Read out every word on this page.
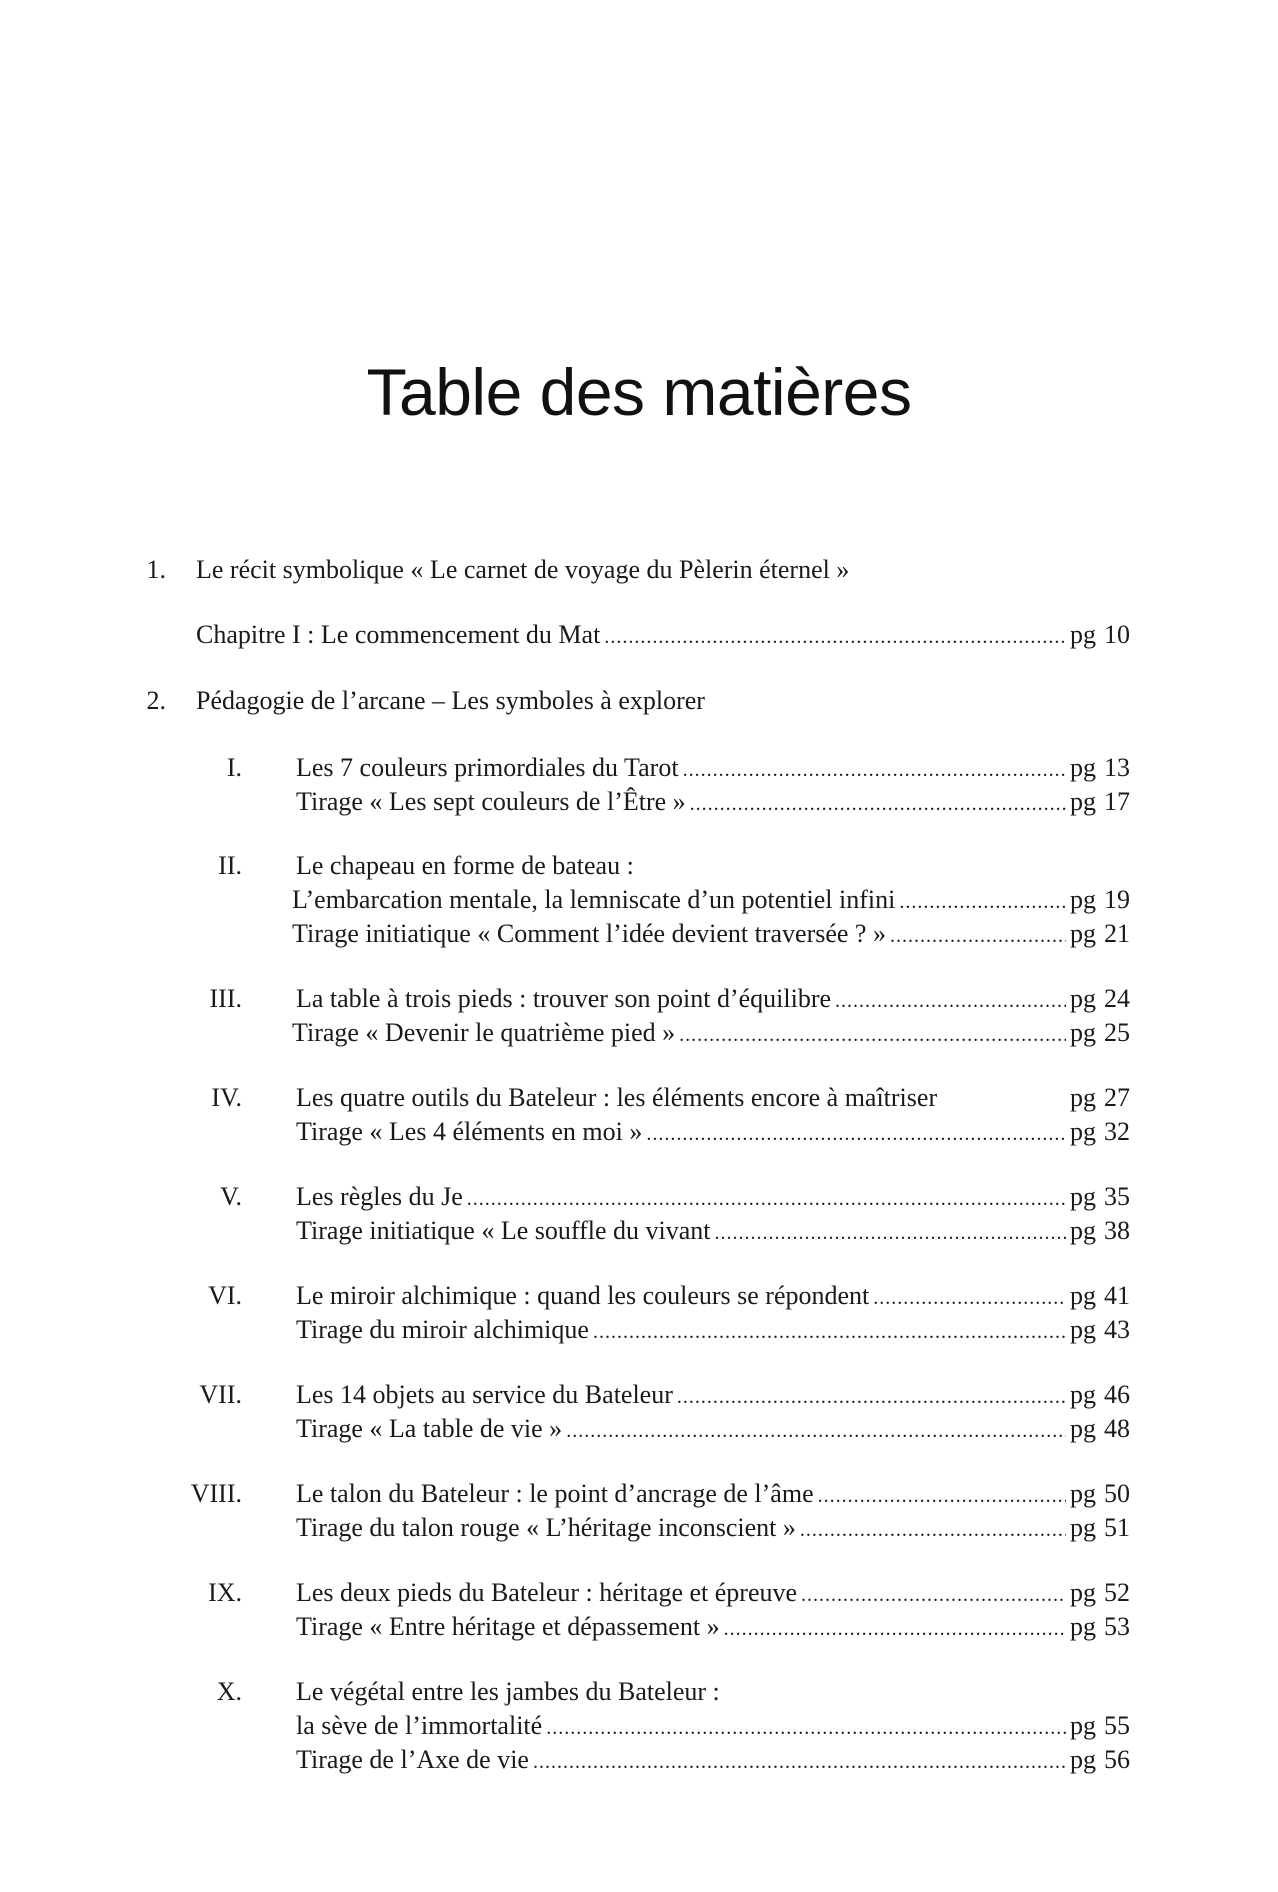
Table des matières
1. Le récit symbolique « Le carnet de voyage du Pèlerin éternel »
Chapitre I : Le commencement du Mat .....	pg 10
2. Pédagogie de l’arcane – Les symboles à explorer
I. Les 7 couleurs primordiales du Tarot .....	pg 13
Tirage « Les sept couleurs de l’Être » .....	pg 17
II. Le chapeau en forme de bateau :
L’embarcation mentale, la lemniscate d’un potentiel infini .....	pg 19
Tirage initiatique « Comment l’idée devient traversée ? » .....	pg 21
III. La table à trois pieds : trouver son point d’équilibre .....	pg 24
Tirage « Devenir le quatrième pied » .....	pg 25
IV. Les quatre outils du Bateleur : les éléments encore à maîtriser	pg 27
Tirage « Les 4 éléments en moi » .....	pg 32
V. Les règles du Je .....	pg 35
Tirage initiatique « Le souffle du vivant .....	pg 38
VI. Le miroir alchimique : quand les couleurs se répondent .....	pg 41
Tirage du miroir alchimique .....	pg 43
VII. Les 14 objets au service du Bateleur .....	pg 46
Tirage « La table de vie » .....	pg 48
VIII. Le talon du Bateleur : le point d’ancrage de l’âme .....	pg 50
Tirage du talon rouge « L’héritage inconscient » .....	pg 51
IX. Les deux pieds du Bateleur : héritage et épreuve .....	pg 52
Tirage « Entre héritage et dépassement » .....	pg 53
X. Le végétal entre les jambes du Bateleur :
la sève de l’immortalité .....	pg 55
Tirage de l’Axe de vie .....	pg 56
